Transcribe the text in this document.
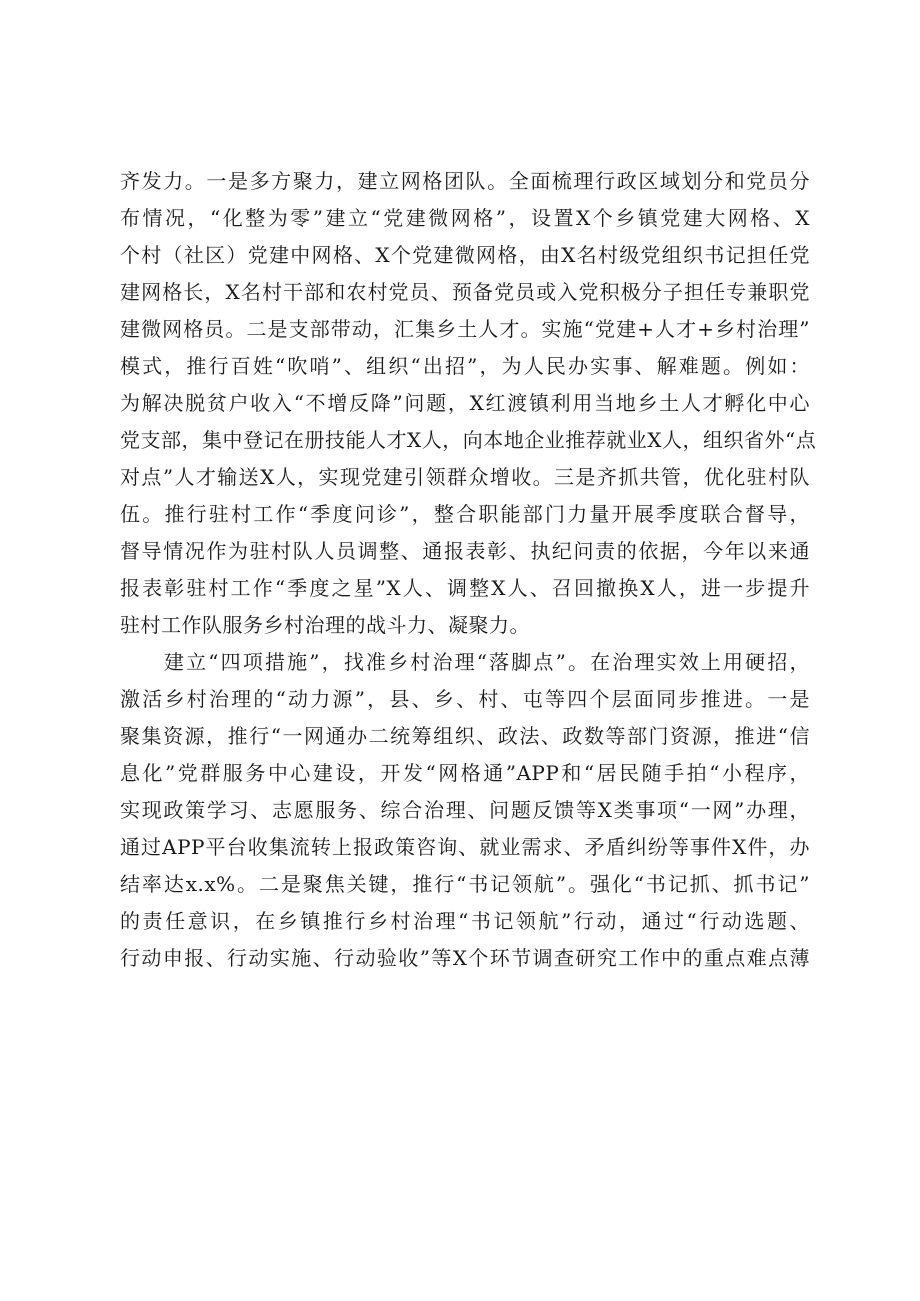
齐发力。一是多方聚力，建立网格团队。全面梳理行政区域划分和党员分
布情况，“化整为零”建立“党建微网格”，设置X个乡镇党建大网格、X
个村（社区）党建中网格、X个党建微网格，由X名村级党组织书记担任党
建网格长，X名村干部和农村党员、预备党员或入党积极分子担任专兼职党
建微网格员。二是支部带动，汇集乡土人才。实施“党建+人才+乡村治理”
模式，推行百姓“吹哨”、组织“出招”，为人民办实事、解难题。例如：
为解决脱贫户收入“不增反降”问题，X红渡镇利用当地乡土人才孵化中心
党支部，集中登记在册技能人才X人，向本地企业推荐就业X人，组织省外“点
对点”人才输送X人，实现党建引领群众增收。三是齐抓共管，优化驻村队
伍。推行驻村工作“季度问诊”，整合职能部门力量开展季度联合督导，
督导情况作为驻村队人员调整、通报表彰、执纪问责的依据，今年以来通
报表彰驻村工作“季度之星”X人、调整X人、召回撤换X人，进一步提升
驻村工作队服务乡村治理的战斗力、凝聚力。
建立“四项措施”，找准乡村治理“落脚点”。在治理实效上用硬招，
激活乡村治理的“动力源”，县、乡、村、屯等四个层面同步推进。一是
聚集资源，推行“一网通办二统筹组织、政法、政数等部门资源，推进“信
息化”党群服务中心建设，开发“网格通”APP和“居民随手拍“小程序，
实现政策学习、志愿服务、综合治理、问题反馈等X类事项“一网”办理，
通过APP平台收集流转上报政策咨询、就业需求、矛盾纠纷等事件X件，办
结率达x.x%。二是聚焦关键，推行“书记领航”。强化“书记抓、抓书记”
的责任意识，在乡镇推行乡村治理“书记领航”行动，通过“行动选题、
行动申报、行动实施、行动验收”等X个环节调查研究工作中的重点难点薄
